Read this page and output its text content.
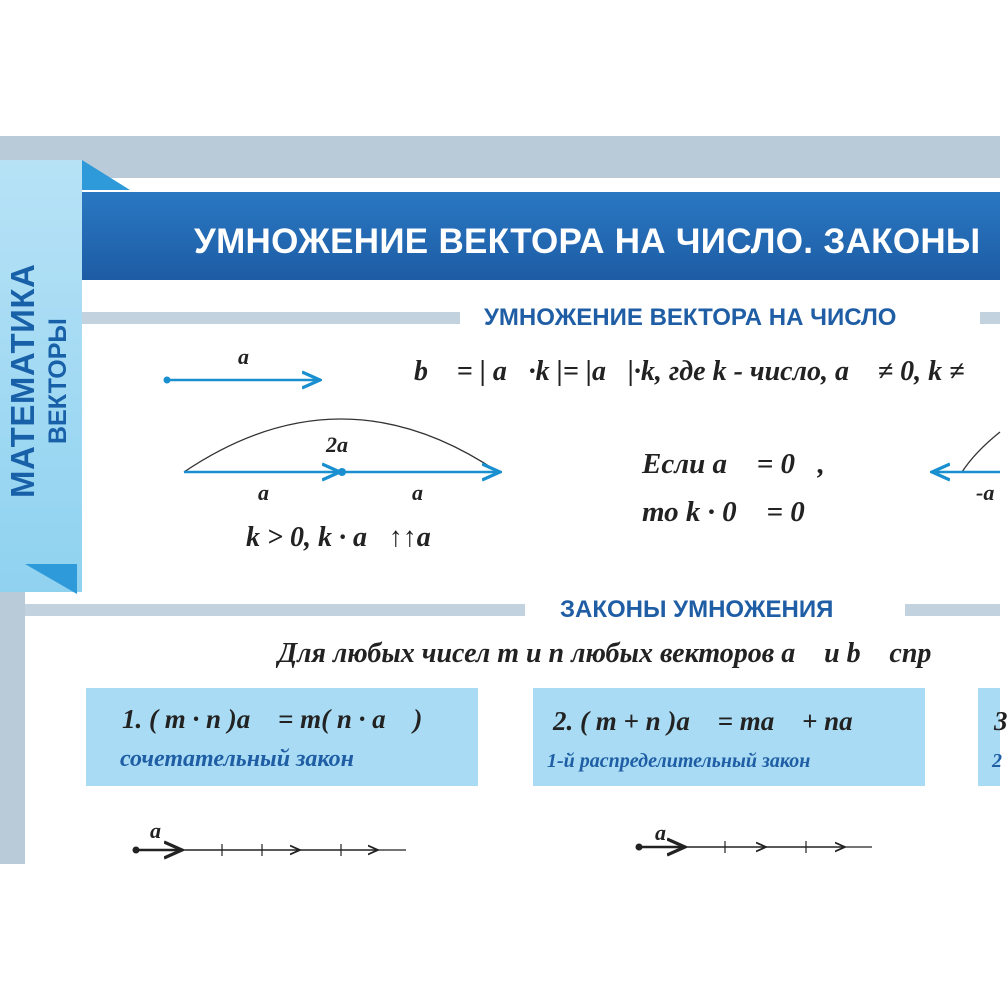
МАТЕМАТИКА ВЕКТОРЫ
УМНОЖЕНИЕ ВЕКТОРА НА ЧИСЛО. ЗАКОНЫ
УМНОЖЕНИЕ ВЕКТОРА НА ЧИСЛО
b⃗ = | a⃗·k |= |a⃗|·k, где k - число, a⃗ ≠ 0, k ≠
a⃗
2a⃗
a⃗	a⃗
k > 0, k · a⃗↑↑a⃗
Если a⃗ = 0⃗,
то k · 0⃗ = 0⃗
-a
ЗАКОНЫ УМНОЖЕНИЯ
Для любых чисел m и n любых векторов a⃗ и b⃗ спр
1. ( m · n )a⃗ = m( n · a⃗ )
сочетательный закон
2. ( m + n )a⃗ = ma⃗ + na⃗
1-й распределительный закон
3
2
a⃗	a
